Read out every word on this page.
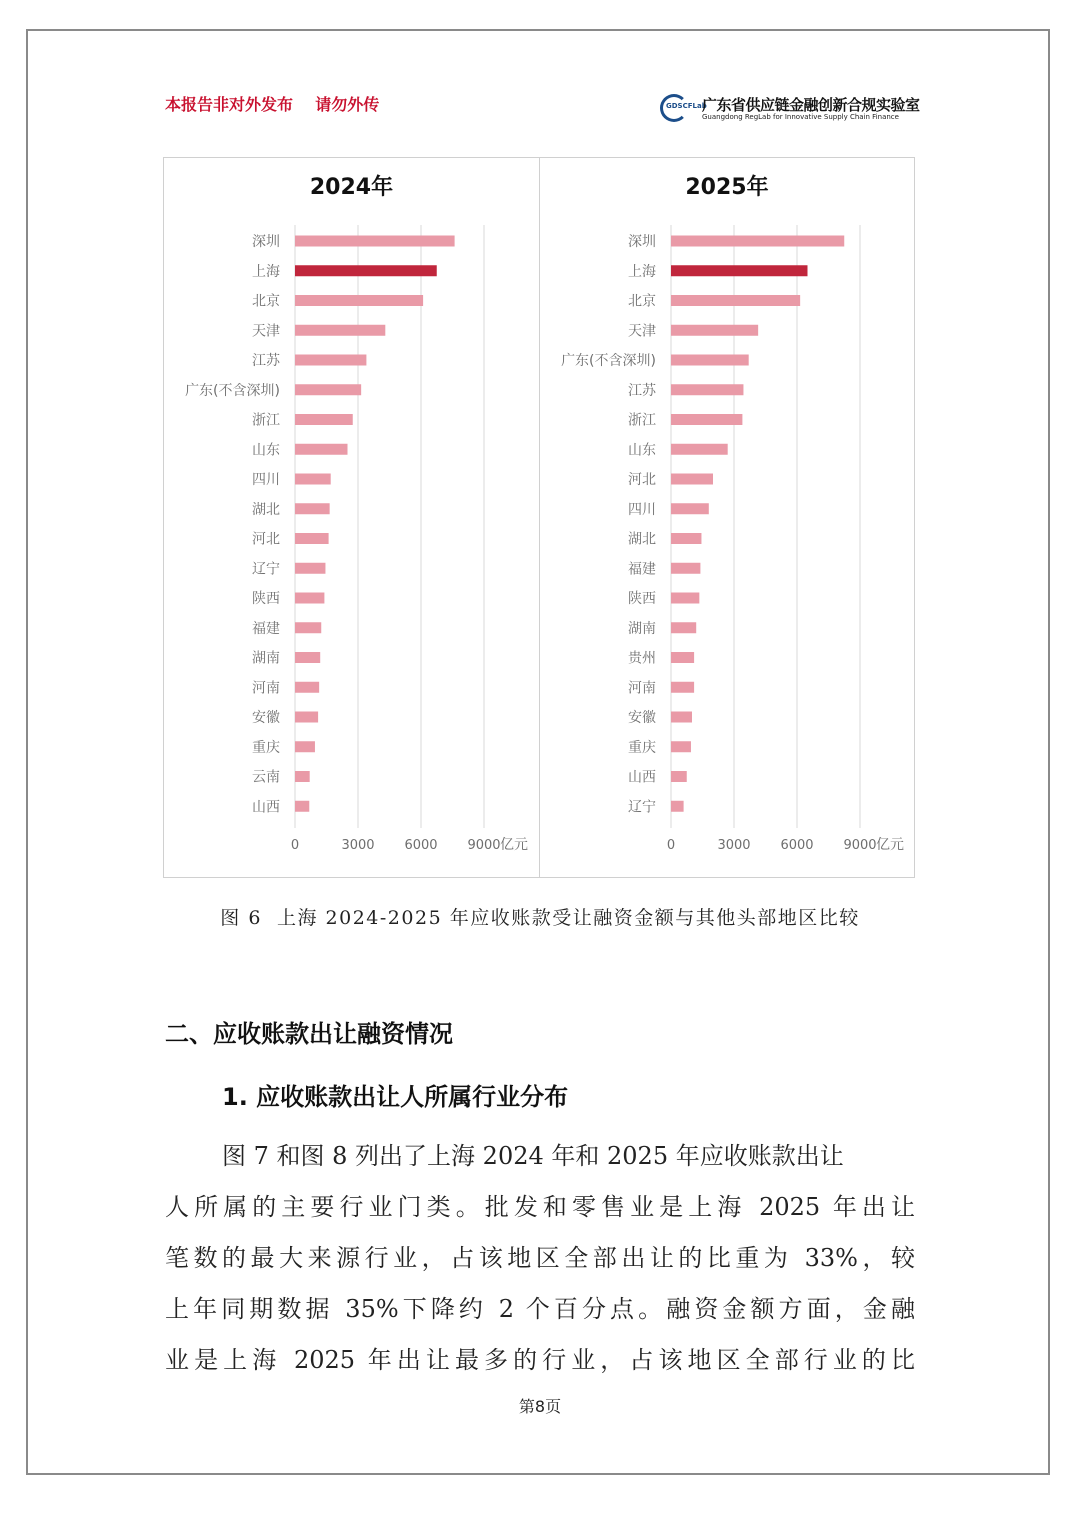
本报告非对外发布    请勿外传	GDSCFLab
广东省供应链金融创新合规实验室
Guangdong RegLab for Innovative Supply Chain Finance
2024年
0	3000 6000 9000 亿元
深圳
上海
北京
天津
江苏
广东(不含深圳)
浙江
山东
四川
湖北
河北
辽宁
陕西
福建
湖南
河南
安徽
重庆
云南
山西
2025年
0	3000 6000 9000 亿元
深圳
上海
北京
天津
广东(不含深圳)
江苏
浙江
山东
河北
四川
湖北
福建
陕西
湖南
贵州
河南
安徽
重庆
山西
辽宁
图 6  上海 2024-2025 年应收账款受让融资金额与其他头部地区比较
二、应收账款出让融资情况
1. 应收账款出让人所属行业分布
图 7 和图 8 列出了上海 2024 年和 2025 年应收账款出让
人所属的主要行业门类。批发和零售业是上海 2025 年出让
笔数的最大来源行业，占该地区全部出让的比重为 33%，较
上年同期数据 35%下降约 2 个百分点。融资金额方面，金融
业是上海 2025 年出让最多的行业，占该地区全部行业的比
第8页
